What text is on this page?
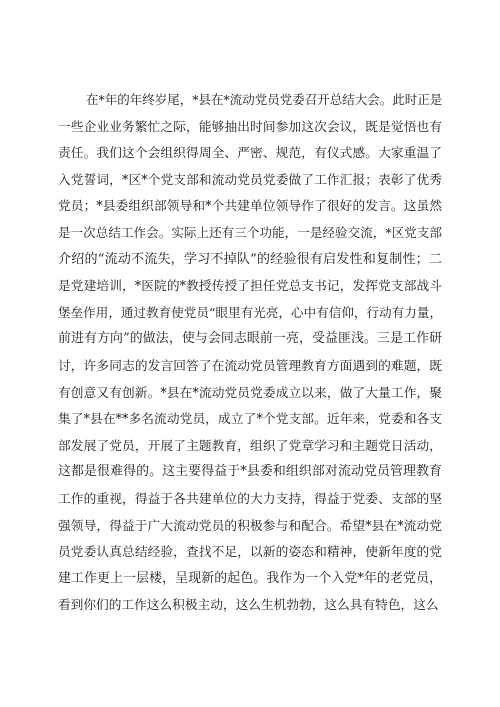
在*年的年终岁尾，*县在*流动党员党委召开总结大会。此时正是
一些企业业务繁忙之际，能够抽出时间参加这次会议，既是觉悟也有
责任。我们这个会组织得周全、严密、规范，有仪式感。大家重温了
入党誓词，*区*个党支部和流动党员党委做了工作汇报；表彰了优秀
党员；*县委组织部领导和*个共建单位领导作了很好的发言。这虽然
是一次总结工作会。实际上还有三个功能，一是经验交流，*区党支部
介绍的“流动不流失，学习不掉队”的经验很有启发性和复制性；二
是党建培训，*医院的*教授传授了担任党总支书记，发挥党支部战斗
堡垒作用，通过教育使党员“眼里有光亮，心中有信仰，行动有力量，
前进有方向”的做法，使与会同志眼前一亮，受益匪浅。三是工作研
讨，许多同志的发言回答了在流动党员管理教育方面遇到的难题，既
有创意又有创新。*县在*流动党员党委成立以来，做了大量工作，聚
集了*县在**多名流动党员，成立了*个党支部。近年来，党委和各支
部发展了党员，开展了主题教育，组织了党章学习和主题党日活动，
这都是很难得的。这主要得益于*县委和组织部对流动党员管理教育
工作的重视，得益于各共建单位的大力支持，得益于党委、支部的坚
强领导，得益于广大流动党员的积极参与和配合。希望*县在*流动党
员党委认真总结经验，查找不足，以新的姿态和精神，使新年度的党
建工作更上一层楼，呈现新的起色。我作为一个入党*年的老党员，
看到你们的工作这么积极主动，这么生机勃勃，这么具有特色，这么
